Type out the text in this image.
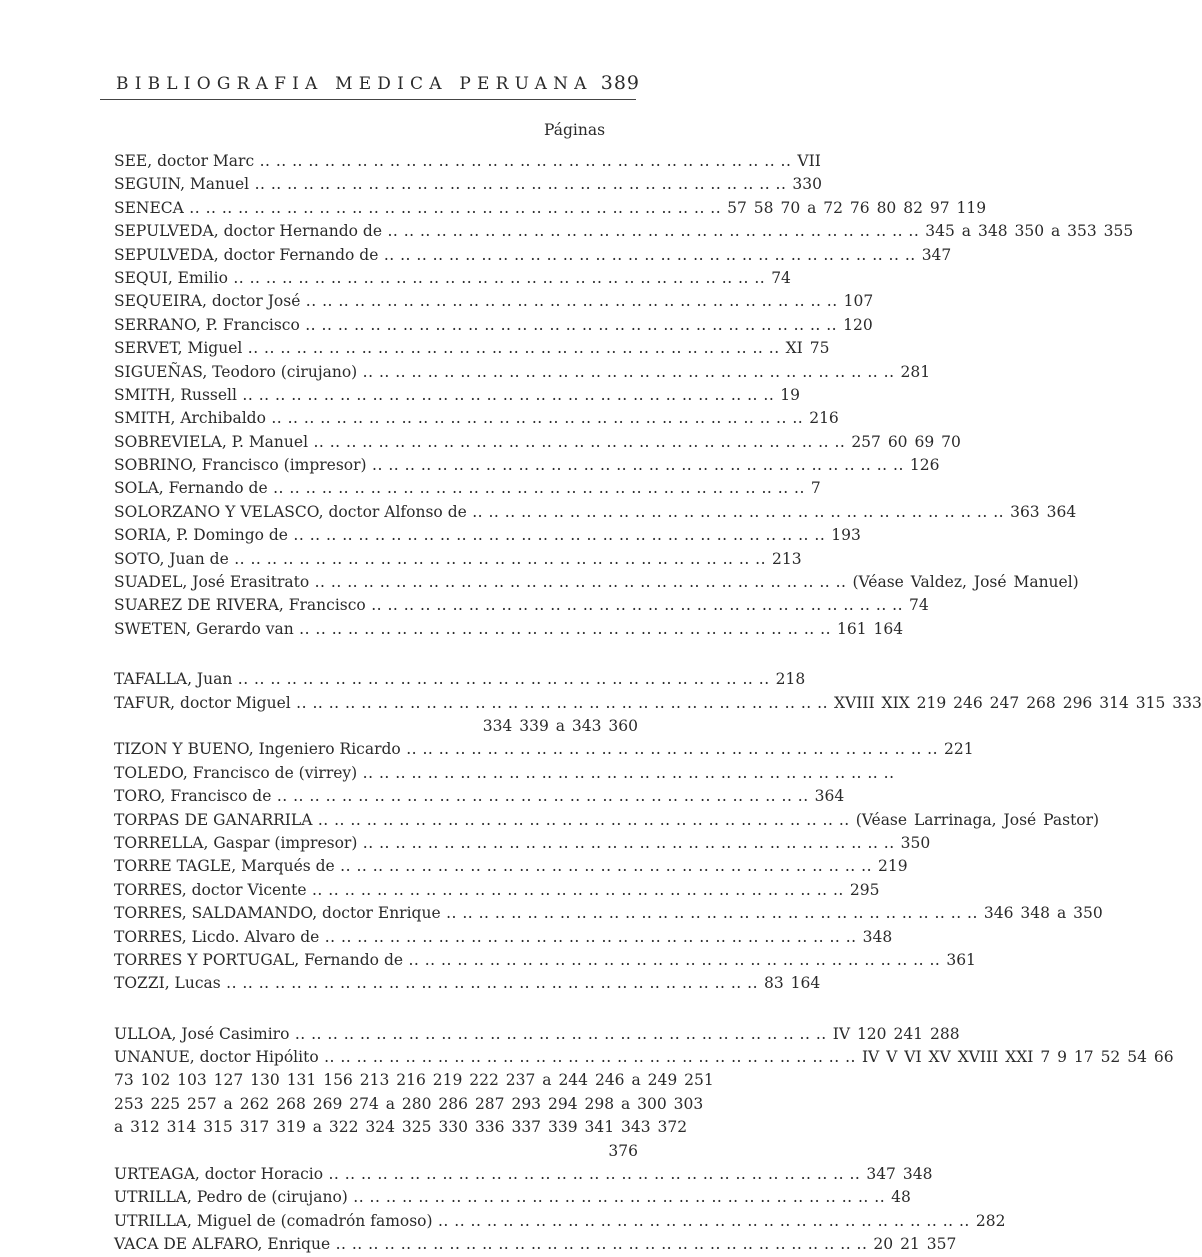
BIBLIOGRAFIA MEDICA PERUANA 389
Páginas
SEE, doctor Marc .. ..	VII
SEGUIN, Manuel .. ..	330
SENECA .. ..	57 58 70 a 72 76 80 82 97 119
SEPULVEDA, doctor Hernando de .. ..	345 a 348 350 a 353 355
SEPULVEDA, doctor Fernando de .. ..	347
SEQUI, Emilio .. ..	74
SEQUEIRA, doctor José .. ..	107
SERRANO, P. Francisco .. ..	120
SERVET, Miguel .. ..	XI 75
SIGUEÑAS, Teodoro (cirujano) .. ..	281
SMITH, Russell .. ..	19
SMITH, Archibaldo .. ..	216
SOBREVIELA, P. Manuel .. ..	257 60 69 70
SOBRINO, Francisco (impresor) .. ..	126
SOLA, Fernando de .. ..	7
SOLORZANO Y VELASCO, doctor Alfonso de .. ..	363 364
SORIA, P. Domingo de .. ..	193
SOTO, Juan de .. ..	213
SUADEL, José Erasitrato .. ..	(Véase Valdez, José Manuel)
SUAREZ DE RIVERA, Francisco .. ..	74
SWETEN, Gerardo van .. ..	161 164
TAFALLA, Juan .. ..	218
TAFUR, doctor Miguel .. ..	XVIII XIX 219 246 247 268 296 314 315 333
334 339 a 343 360
TIZON Y BUENO, Ingeniero Ricardo .. ..	221
TOLEDO, Francisco de (virrey) .. ..
TORO, Francisco de .. ..	364
TORPAS DE GANARRILA .. ..	(Véase Larrinaga, José Pastor)
TORRELLA, Gaspar (impresor) .. ..	350
TORRE TAGLE, Marqués de .. ..	219
TORRES, doctor Vicente .. ..	295
TORRES, SALDAMANDO, doctor Enrique .. ..	346 348 a 350
TORRES, Licdo. Alvaro de .. ..	348
TORRES Y PORTUGAL, Fernando de .. ..	361
TOZZI, Lucas .. ..	83 164
ULLOA, José Casimiro .. ..	IV 120 241 288
UNANUE, doctor Hipólito .. ..	IV V VI XV XVIII XXI 7 9 17 52 54 66
73 102 103 127 130 131 156 213 216 219 222 237 a 244 246 a 249 251
253 225 257 a 262 268 269 274 a 280 286 287 293 294 298 a 300 303
a 312 314 315 317 319 a 322 324 325 330 336 337 339 341 343 372
376
URTEAGA, doctor Horacio .. ..	347 348
UTRILLA, Pedro de (cirujano) .. ..	48
UTRILLA, Miguel de (comadrón famoso) .. ..	282
VACA DE ALFARO, Enrique .. ..	20 21 357
